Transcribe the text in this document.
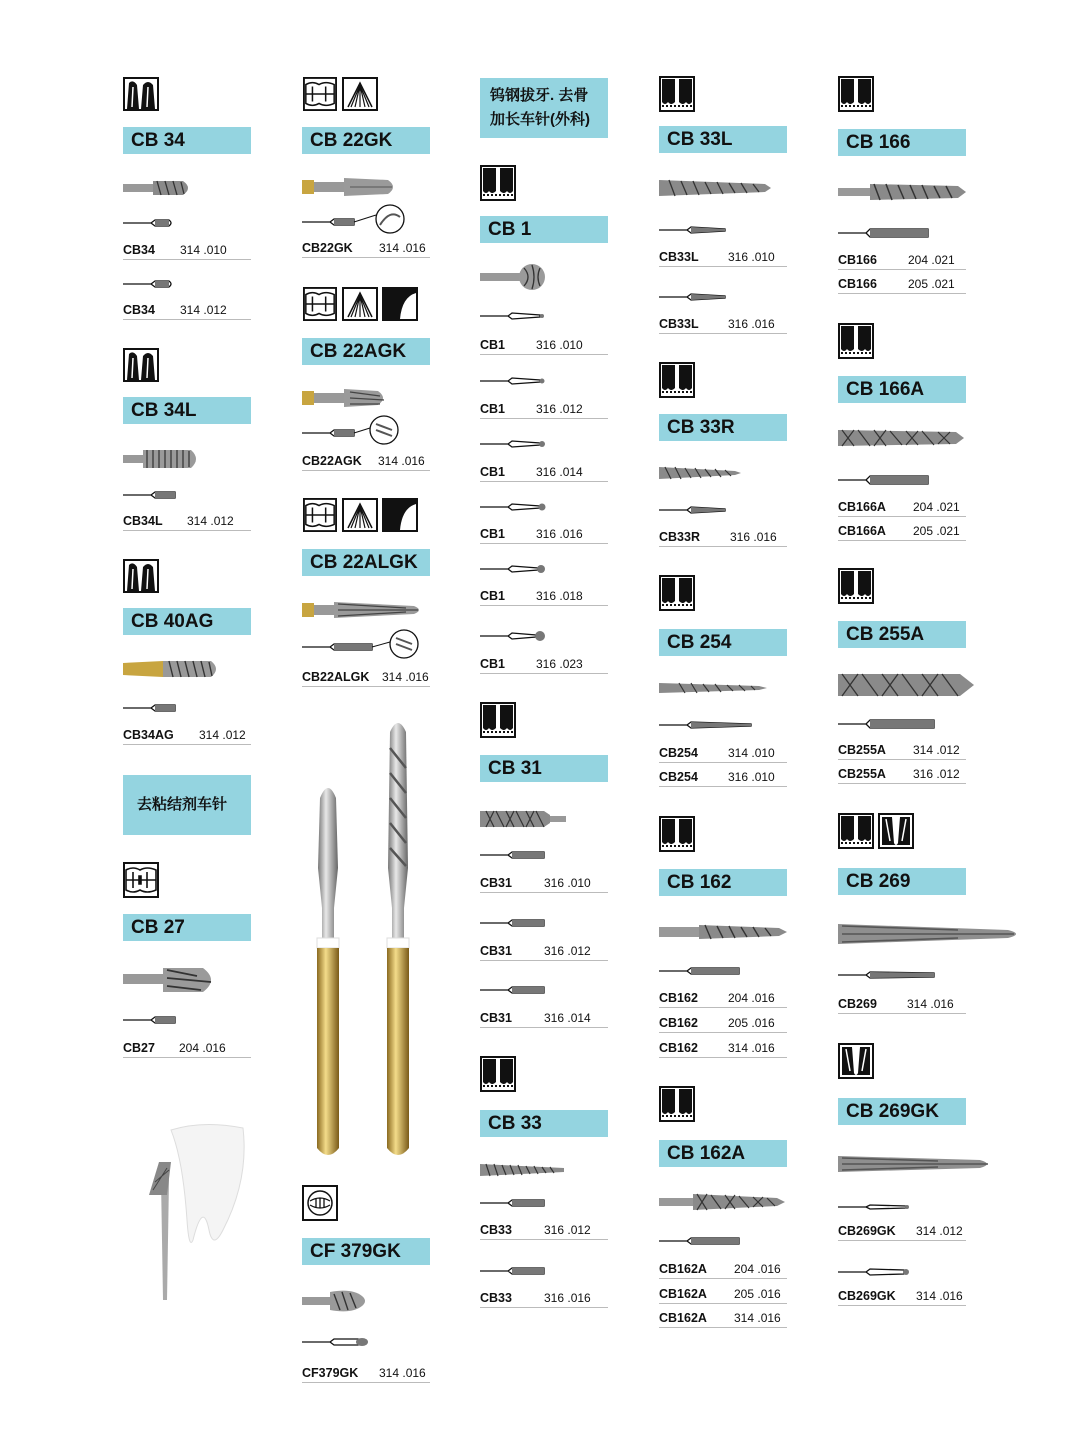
CB 34
CB34 314 .010
CB34 314 .012
CB 34L
CB34L 314 .012
CB 40AG
CB34AG 314 .012
去粘结剂车针
CB 27
CB27 204 .016
CB 22GK
CB22GK 314 .016
CB 22AGK
CB22AGK 314 .016
CB 22ALGK
CB22ALGK 314 .016
CF 379GK
CF379GK 314 .016
钨钢拔牙. 去骨加长车针(外科)
CB 1
CB1	316 .010
CB1	316 .012
CB1	316 .014
CB1	316 .016
CB1	316 .018
CB1	316 .023
CB 31
CB31	316 .010
CB31	316 .012
CB31	316 .014
CB 33
CB33	316 .012
CB33	316 .016
CB 33L
CB33L 316 .010
CB33L 316 .016
CB 33R
CB33R	316 .016
CB 254
CB254	314 .010
CB254	316 .010
CB 162
CB162	204 .016
CB162	205 .016
CB162	314 .016
CB 162A
CB162A 204 .016
CB162A 205 .016
CB162A 314 .016
CB 166
CB166	204 .021
CB166	205 .021
CB 166A
CB166A 204 .021
CB166A 205 .021
CB 255A
CB255A 314 .012
CB255A 316 .012
CB 269
CB269	314 .016
CB 269GK
CB269GK 314 .012
CB269GK 314 .016
